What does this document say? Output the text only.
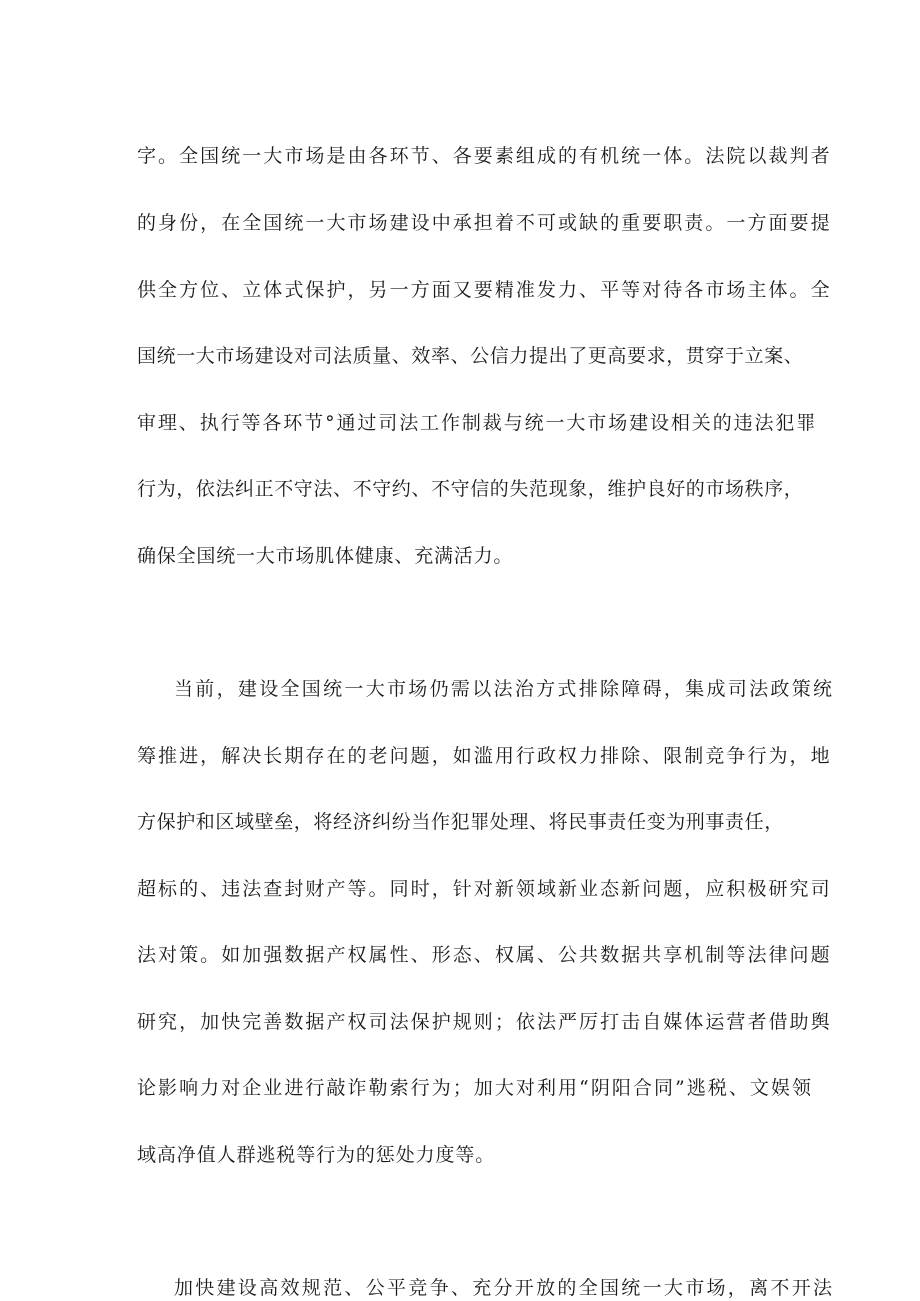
字。全国统一大市场是由各环节、各要素组成的有机统一体。法院以裁判者
的身份，在全国统一大市场建设中承担着不可或缺的重要职责。一方面要提
供全方位、立体式保护，另一方面又要精准发力、平等对待各市场主体。全
国统一大市场建设对司法质量、效率、公信力提出了更高要求，贯穿于立案、
审理、执行等各环节°通过司法工作制裁与统一大市场建设相关的违法犯罪
行为，依法纠正不守法、不守约、不守信的失范现象，维护良好的市场秩序，
确保全国统一大市场肌体健康、充满活力。
当前，建设全国统一大市场仍需以法治方式排除障碍，集成司法政策统
筹推进，解决长期存在的老问题，如滥用行政权力排除、限制竞争行为，地
方保护和区域壁垒，将经济纠纷当作犯罪处理、将民事责任变为刑事责任，
超标的、违法查封财产等。同时，针对新领域新业态新问题，应积极研究司
法对策。如加强数据产权属性、形态、权属、公共数据共享机制等法律问题
研究，加快完善数据产权司法保护规则；依法严厉打击自媒体运营者借助舆
论影响力对企业进行敲诈勒索行为；加大对利用“阴阳合同”逃税、文娱领
域高净值人群逃税等行为的惩处力度等。
加快建设高效规范、公平竞争、充分开放的全国统一大市场，离不开法
